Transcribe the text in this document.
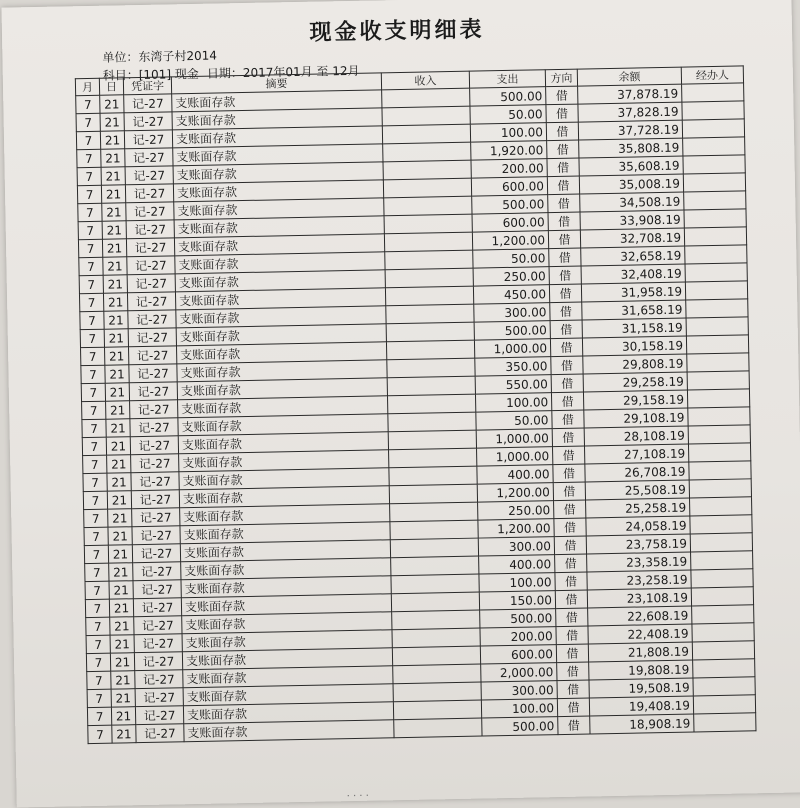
现金收支明细表
单位：东湾子村2014
科目：[101] 现金 日期：2017年01月 至 12月
月	日	凭证字	摘要	收入	支出	方向	余额	经办人
7	21	记-27	支账面存款		500.00	借	37,878.19	
7	21	记-27	支账面存款		50.00	借	37,828.19	
7	21	记-27	支账面存款		100.00	借	37,728.19	
7	21	记-27	支账面存款		1,920.00	借	35,808.19	
7	21	记-27	支账面存款		200.00	借	35,608.19	
7	21	记-27	支账面存款		600.00	借	35,008.19	
7	21	记-27	支账面存款		500.00	借	34,508.19	
7	21	记-27	支账面存款		600.00	借	33,908.19	
7	21	记-27	支账面存款		1,200.00	借	32,708.19	
7	21	记-27	支账面存款		50.00	借	32,658.19	
7	21	记-27	支账面存款		250.00	借	32,408.19	
7	21	记-27	支账面存款		450.00	借	31,958.19	
7	21	记-27	支账面存款		300.00	借	31,658.19	
7	21	记-27	支账面存款		500.00	借	31,158.19	
7	21	记-27	支账面存款		1,000.00	借	30,158.19	
7	21	记-27	支账面存款		350.00	借	29,808.19	
7	21	记-27	支账面存款		550.00	借	29,258.19	
7	21	记-27	支账面存款		100.00	借	29,158.19	
7	21	记-27	支账面存款		50.00	借	29,108.19	
7	21	记-27	支账面存款		1,000.00	借	28,108.19	
7	21	记-27	支账面存款		1,000.00	借	27,108.19	
7	21	记-27	支账面存款		400.00	借	26,708.19	
7	21	记-27	支账面存款		1,200.00	借	25,508.19	
7	21	记-27	支账面存款		250.00	借	25,258.19	
7	21	记-27	支账面存款		1,200.00	借	24,058.19	
7	21	记-27	支账面存款		300.00	借	23,758.19	
7	21	记-27	支账面存款		400.00	借	23,358.19	
7	21	记-27	支账面存款		100.00	借	23,258.19	
7	21	记-27	支账面存款		150.00	借	23,108.19	
7	21	记-27	支账面存款		500.00	借	22,608.19	
7	21	记-27	支账面存款		200.00	借	22,408.19	
7	21	记-27	支账面存款		600.00	借	21,808.19	
7	21	记-27	支账面存款		2,000.00	借	19,808.19	
7	21	记-27	支账面存款		300.00	借	19,508.19	
7	21	记-27	支账面存款		100.00	借	19,408.19	
7	21	记-27	支账面存款		500.00	借	18,908.19	
· · · ·
